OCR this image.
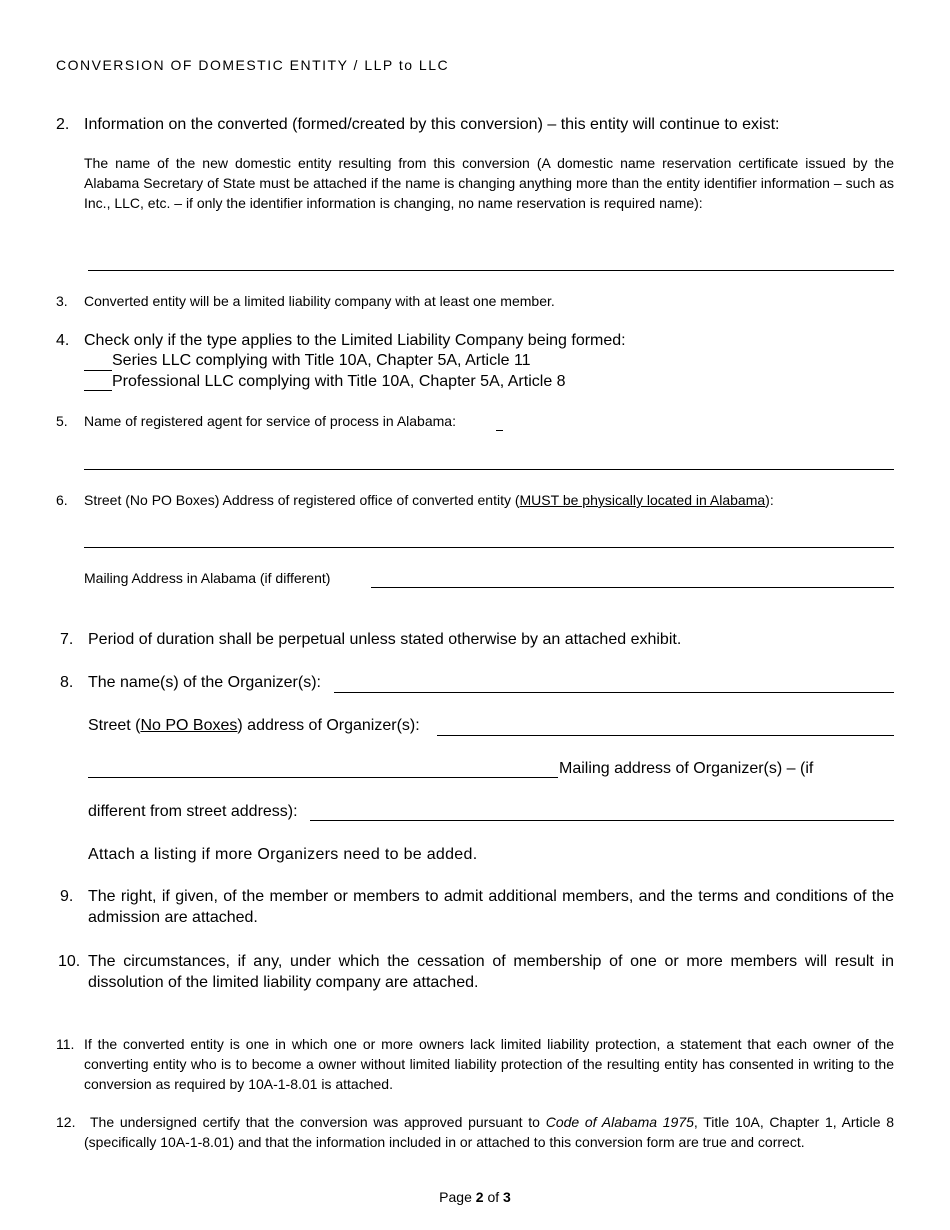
CONVERSION OF DOMESTIC ENTITY / LLP to LLC
2. Information on the converted (formed/created by this conversion) – this entity will continue to exist:
The name of the new domestic entity resulting from this conversion (A domestic name reservation certificate issued by the Alabama Secretary of State must be attached if the name is changing anything more than the entity identifier information – such as Inc., LLC, etc. – if only the identifier information is changing, no name reservation is required name):
3. Converted entity will be a limited liability company with at least one member.
4. Check only if the type applies to the Limited Liability Company being formed:
Series LLC complying with Title 10A, Chapter 5A, Article 11
Professional LLC complying with Title 10A, Chapter 5A, Article 8
5. Name of registered agent for service of process in Alabama:
6. Street (No PO Boxes) Address of registered office of converted entity (MUST be physically located in Alabama):
Mailing Address in Alabama (if different)
7. Period of duration shall be perpetual unless stated otherwise by an attached exhibit.
8. The name(s) of the Organizer(s):
Street (No PO Boxes) address of Organizer(s):
Mailing address of Organizer(s) – (if
different from street address):
Attach a listing if more Organizers need to be added.
9. The right, if given, of the member or members to admit additional members, and the terms and conditions of the admission are attached.
10. The circumstances, if any, under which the cessation of membership of one or more members will result in dissolution of the limited liability company are attached.
11. If the converted entity is one in which one or more owners lack limited liability protection, a statement that each owner of the converting entity who is to become a owner without limited liability protection of the resulting entity has consented in writing to the conversion as required by 10A-1-8.01 is attached.
12.	The undersigned certify that the conversion was approved pursuant to Code of Alabama 1975, Title 10A, Chapter 1, Article 8 (specifically 10A-1-8.01) and that the information included in or attached to this conversion form are true and correct.
Page 2 of 3
